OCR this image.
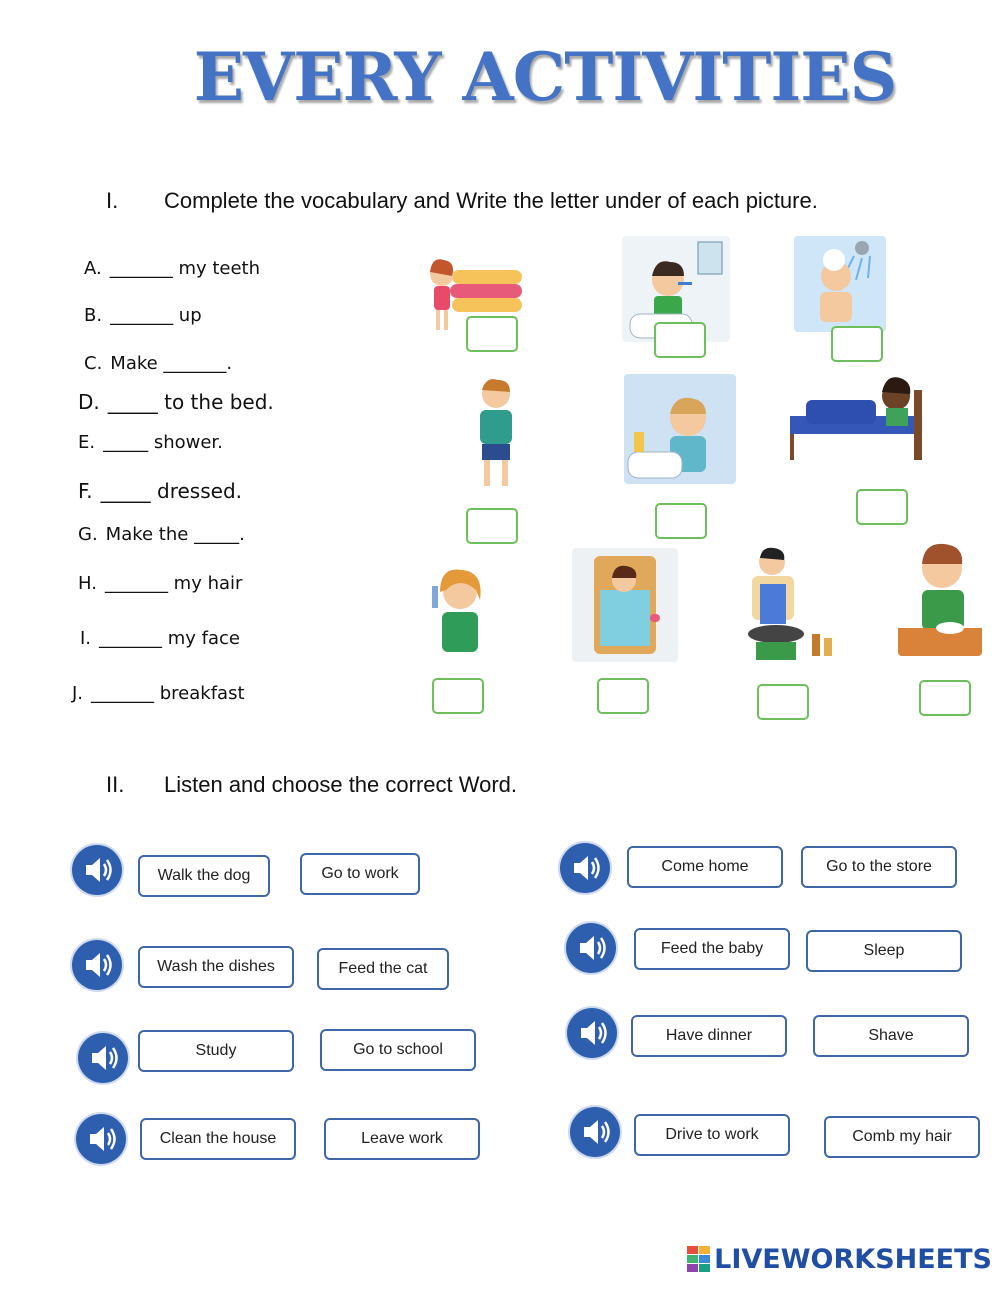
EVERY ACTIVITIES
I. Complete the vocabulary and Write the letter under of each picture.
A. _______ my teeth
B. _______ up
C. Make _______.
D. _____ to the bed.
E. _____ shower.
F. _____ dressed.
G. Make the _____.
H. _______ my hair
I. _______ my face
J. _______ breakfast
II. Listen and choose the correct Word.
Walk the dog	Go to work
Wash the dishes	Feed the cat
Study	Go to school
Clean the house	Leave work
Come home	Go to the store
Feed the baby	Sleep
Have dinner	Shave
Drive to work	Comb my hair
LIVEWORKSHEETS
